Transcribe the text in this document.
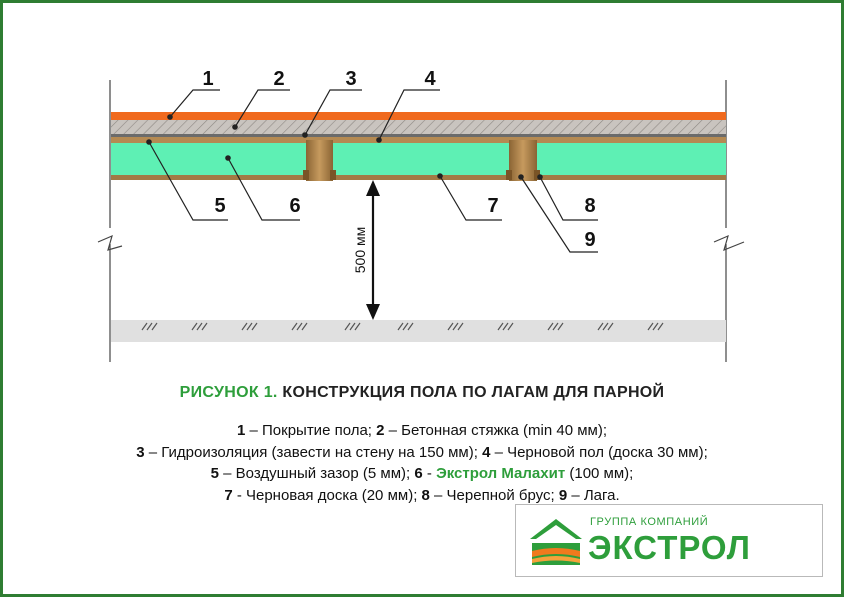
500 мм
1	2	3	4
5	6	7	8
9
РИСУНОК 1. КОНСТРУКЦИЯ ПОЛА ПО ЛАГАМ ДЛЯ ПАРНОЙ
1 – Покрытие пола; 2 – Бетонная стяжка (min 40 мм);
3 – Гидроизоляция (завести на стену на 150 мм); 4 – Черновой пол (доска 30 мм);
5 – Воздушный зазор (5 мм); 6 - Экстрол Малахит (100 мм);
7 - Черновая доска (20 мм); 8 – Черепной брус; 9 – Лага.
ГРУППА КОМПАНИЙ
ЭКСТРОЛ
